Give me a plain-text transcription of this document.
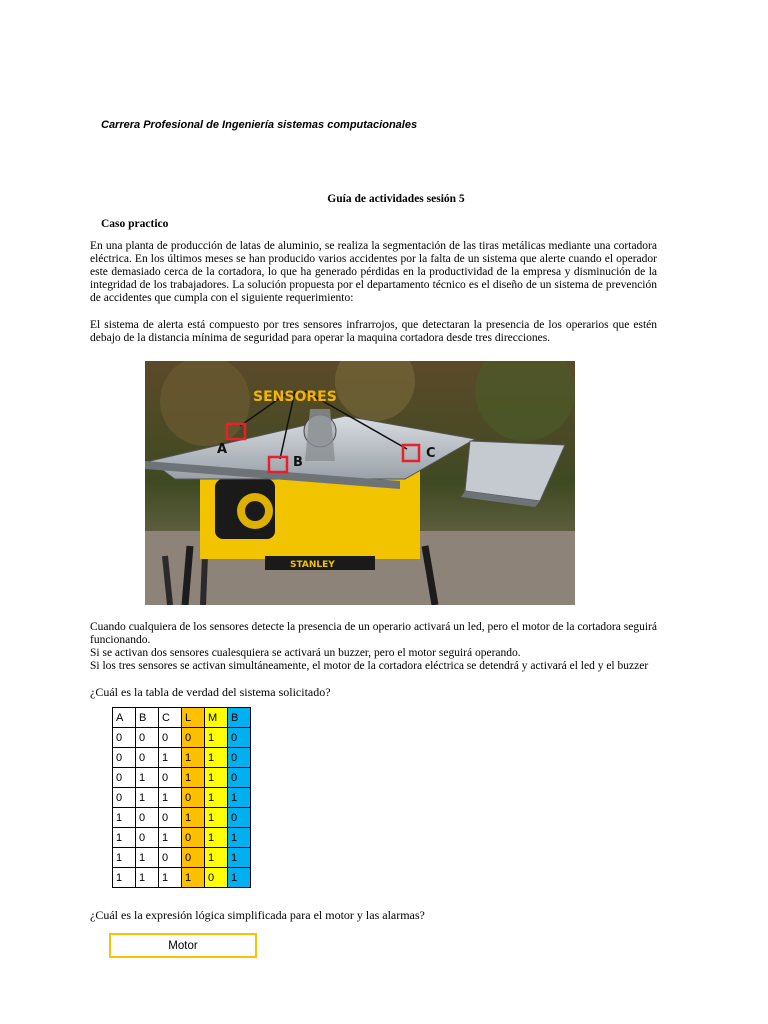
Carrera Profesional de Ingeniería sistemas computacionales
Guía de actividades sesión 5
Caso practico
En una planta de producción de latas de aluminio, se realiza la segmentación de las tiras metálicas mediante una cortadora eléctrica. En los últimos meses se han producido varios accidentes por la falta de un sistema que alerte cuando el operador este demasiado cerca de la cortadora, lo que ha generado pérdidas en la productividad de la empresa y disminución de la integridad de los trabajadores. La solución propuesta por el departamento técnico es el diseño de un sistema de prevención de accidentes que cumpla con el siguiente requerimiento:
El sistema de alerta está compuesto por tres sensores infrarrojos, que detectaran la presencia de los operarios que estén debajo de la distancia mínima de seguridad para operar la maquina cortadora desde tres direcciones.
STANLEY
SENSORES
A
B
C
Cuando cualquiera de los sensores detecte la presencia de un operario activará un led, pero el motor de la cortadora seguirá funcionando.
Si se activan dos sensores cualesquiera se activará un buzzer, pero el motor seguirá operando.
Si los tres sensores se activan simultáneamente, el motor de la cortadora eléctrica se detendrá y activará el led y el buzzer
¿Cuál es la tabla de verdad del sistema solicitado?
A	B	C	L	M	B
0	0	0	0	1	0
0	0	1	1	1	0
0	1	0	1	1	0
0	1	1	0	1	1
1	0	0	1	1	0
1	0	1	0	1	1
1	1	0	0	1	1
1	1	1	1	0	1
¿Cuál es la expresión lógica simplificada para el motor y las alarmas?
Motor
